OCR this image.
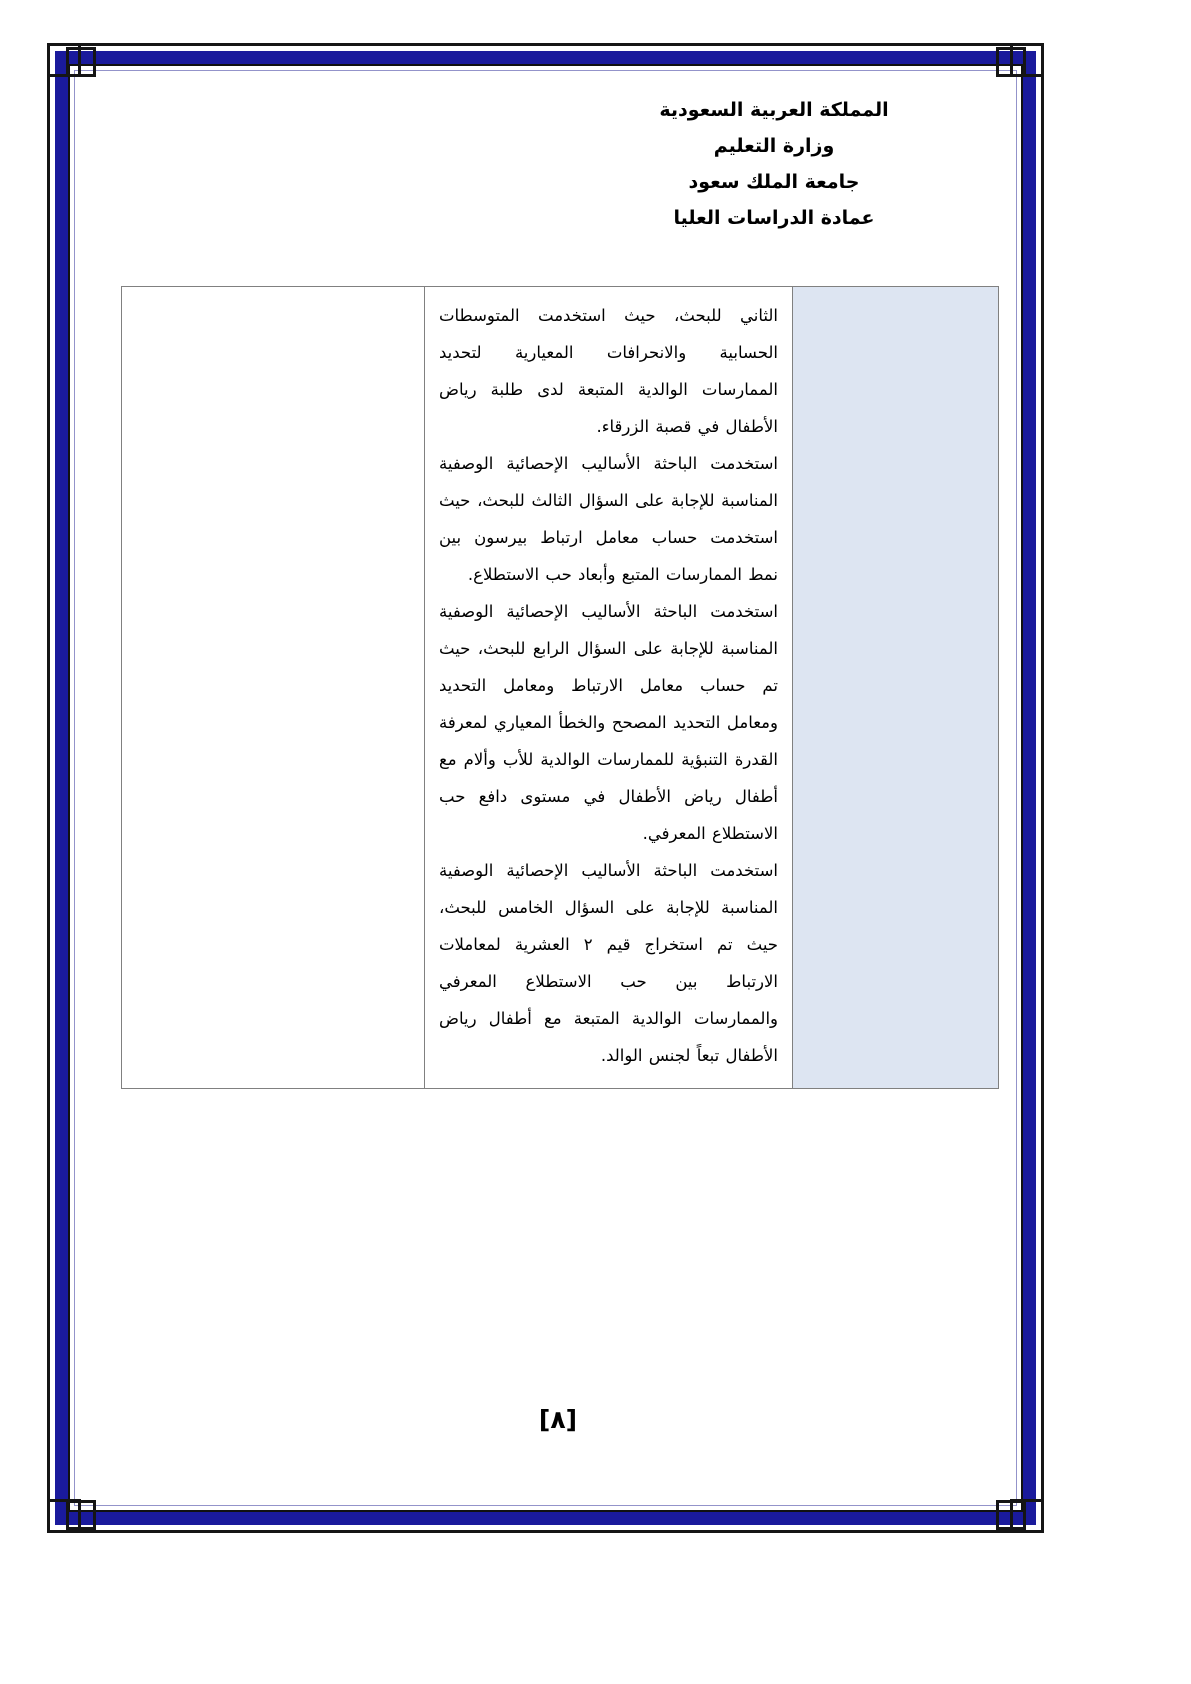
المملكة العربية السعودية
وزارة التعليم
جامعة الملك سعود
عمادة الدراسات العليا

الثاني للبحث، حيث استخدمت المتوسطات الحسابية والانحرافات المعيارية لتحديد الممارسات الوالدية المتبعة لدى طلبة رياض الأطفال في قصبة الزرقاء.

استخدمت الباحثة الأساليب الإحصائية الوصفية المناسبة للإجابة على السؤال الثالث للبحث، حيث استخدمت حساب معامل ارتباط بيرسون بين نمط الممارسات المتبع وأبعاد حب الاستطلاع.

استخدمت الباحثة الأساليب الإحصائية الوصفية المناسبة للإجابة على السؤال الرابع للبحث، حيث تم حساب معامل الارتباط ومعامل التحديد ومعامل التحديد المصحح والخطأ المعياري لمعرفة القدرة التنبؤية للممارسات الوالدية للأب وألام مع أطفال رياض الأطفال في مستوى دافع حب الاستطلاع المعرفي.

استخدمت الباحثة الأساليب الإحصائية الوصفية المناسبة للإجابة على السؤال الخامس للبحث، حيث تم استخراج قيم ٢ العشرية لمعاملات الارتباط بين حب الاستطلاع المعرفي والممارسات الوالدية المتبعة مع أطفال رياض الأطفال تبعاً لجنس الوالد.

[٨]
